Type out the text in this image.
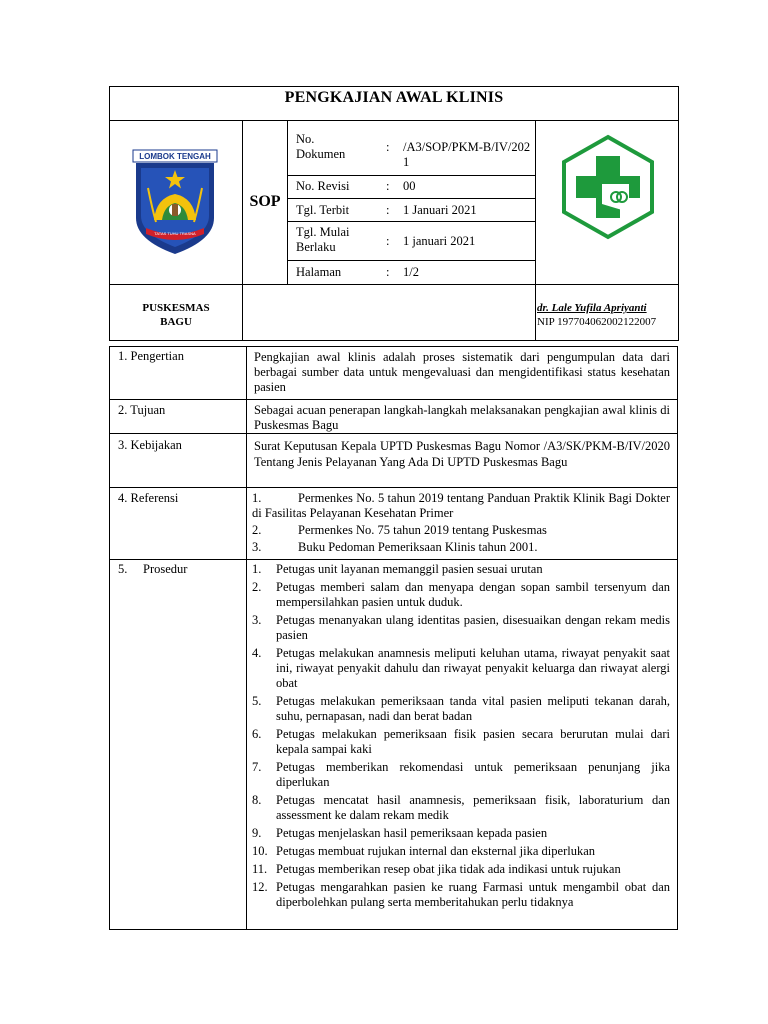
PENGKAJIAN AWAL KLINIS
LOMBOK TENGAH
TATAS TUHU TRASNA
SOP
No. Dokumen	: /A3/SOP/PKM-B/IV/2021
No. Revisi	: 00
Tgl. Terbit	: 1 Januari 2021
Tgl. Mulai Berlaku	: 1 januari 2021
Halaman	: 1/2
PUSKESMAS
BAGU
dr. Lale Yufila Apriyanti
NIP 197704062002122007
1. Pengertian	Pengkajian awal klinis adalah proses sistematik dari pengumpulan data dari berbagai sumber data untuk mengevaluasi dan mengidentifikasi status kesehatan pasien
2. Tujuan	Sebagai acuan penerapan langkah-langkah melaksanakan pengkajian awal klinis di Puskesmas Bagu
3. Kebijakan	Surat Keputusan Kepala UPTD Puskesmas Bagu Nomor /A3/SK/PKM-B/IV/2020 Tentang Jenis Pelayanan Yang Ada Di UPTD Puskesmas Bagu
4. Referensi	1.	Permenkes No. 5 tahun 2019 tentang Panduan Praktik Klinik Bagi Dokter di Fasilitas Pelayanan Kesehatan Primer
2.	Permenkes No. 75 tahun 2019 tentang Puskesmas
3.	Buku Pedoman Pemeriksaan Klinis tahun 2001.
5.     Prosedur	1. Petugas unit layanan memanggil pasien sesuai urutan
2. Petugas memberi salam dan menyapa dengan sopan sambil tersenyum dan mempersilahkan pasien untuk duduk.
3. Petugas menanyakan ulang identitas pasien, disesuaikan dengan rekam medis pasien
4. Petugas melakukan anamnesis meliputi keluhan utama, riwayat penyakit saat ini, riwayat penyakit dahulu dan riwayat penyakit keluarga dan riwayat alergi obat
5. Petugas melakukan pemeriksaan tanda vital pasien meliputi tekanan darah, suhu, pernapasan, nadi dan berat badan
6. Petugas melakukan pemeriksaan fisik pasien secara berurutan mulai dari kepala sampai kaki
7. Petugas memberikan rekomendasi untuk pemeriksaan penunjang jika diperlukan
8. Petugas mencatat hasil anamnesis, pemeriksaan fisik, laboraturium dan assessment ke dalam rekam medik
9. Petugas menjelaskan hasil pemeriksaan kepada pasien
10. Petugas membuat rujukan internal dan eksternal jika diperlukan
11. Petugas memberikan resep obat jika tidak ada indikasi untuk rujukan
12. Petugas mengarahkan pasien ke ruang Farmasi untuk mengambil obat dan diperbolehkan pulang serta memberitahukan perlu tidaknya
